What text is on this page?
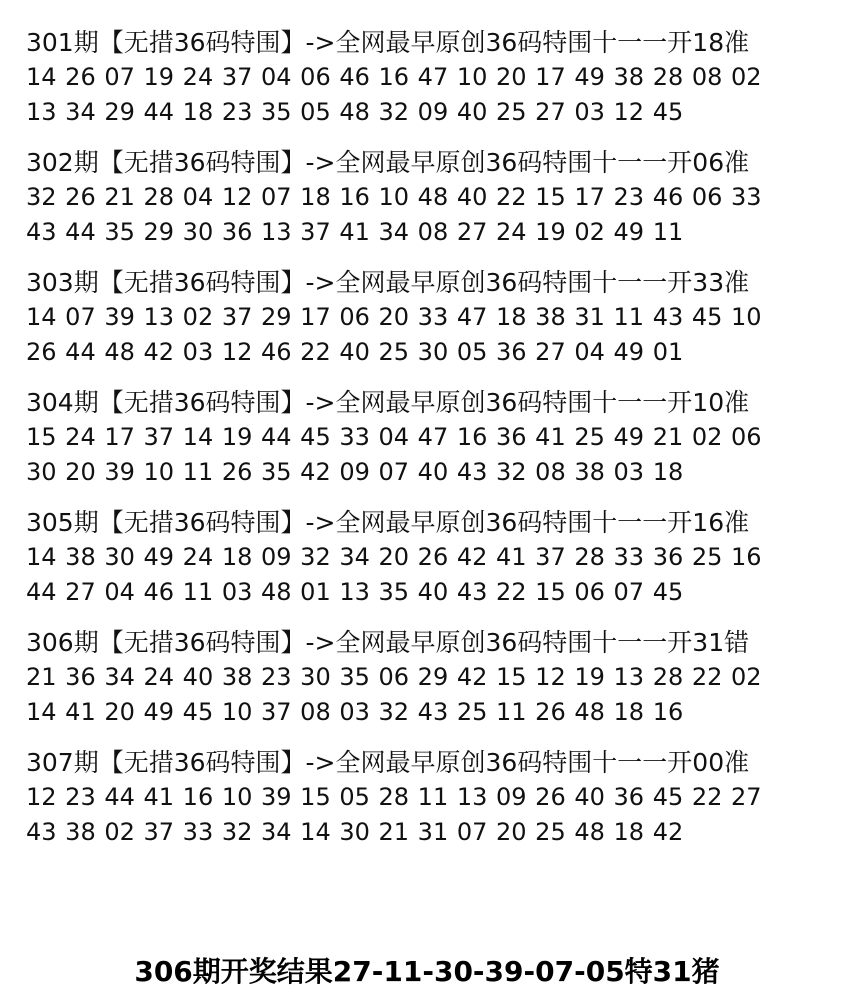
301期【无措36码特围】->全网最早原创36码特围十一一开18准
14 26 07 19 24 37 04 06 46 16 47 10 20 17 49 38 28 08 02
13 34 29 44 18 23 35 05 48 32 09 40 25 27 03 12 45
302期【无措36码特围】->全网最早原创36码特围十一一开06准
32 26 21 28 04 12 07 18 16 10 48 40 22 15 17 23 46 06 33
43 44 35 29 30 36 13 37 41 34 08 27 24 19 02 49 11
303期【无措36码特围】->全网最早原创36码特围十一一开33准
14 07 39 13 02 37 29 17 06 20 33 47 18 38 31 11 43 45 10
26 44 48 42 03 12 46 22 40 25 30 05 36 27 04 49 01
304期【无措36码特围】->全网最早原创36码特围十一一开10准
15 24 17 37 14 19 44 45 33 04 47 16 36 41 25 49 21 02 06
30 20 39 10 11 26 35 42 09 07 40 43 32 08 38 03 18
305期【无措36码特围】->全网最早原创36码特围十一一开16准
14 38 30 49 24 18 09 32 34 20 26 42 41 37 28 33 36 25 16
44 27 04 46 11 03 48 01 13 35 40 43 22 15 06 07 45
306期【无措36码特围】->全网最早原创36码特围十一一开31错
21 36 34 24 40 38 23 30 35 06 29 42 15 12 19 13 28 22 02
14 41 20 49 45 10 37 08 03 32 43 25 11 26 48 18 16
307期【无措36码特围】->全网最早原创36码特围十一一开00准
12 23 44 41 16 10 39 15 05 28 11 13 09 26 40 36 45 22 27
43 38 02 37 33 32 34 14 30 21 31 07 20 25 48 18 42
306期开奖结果27-11-30-39-07-05特31猪
